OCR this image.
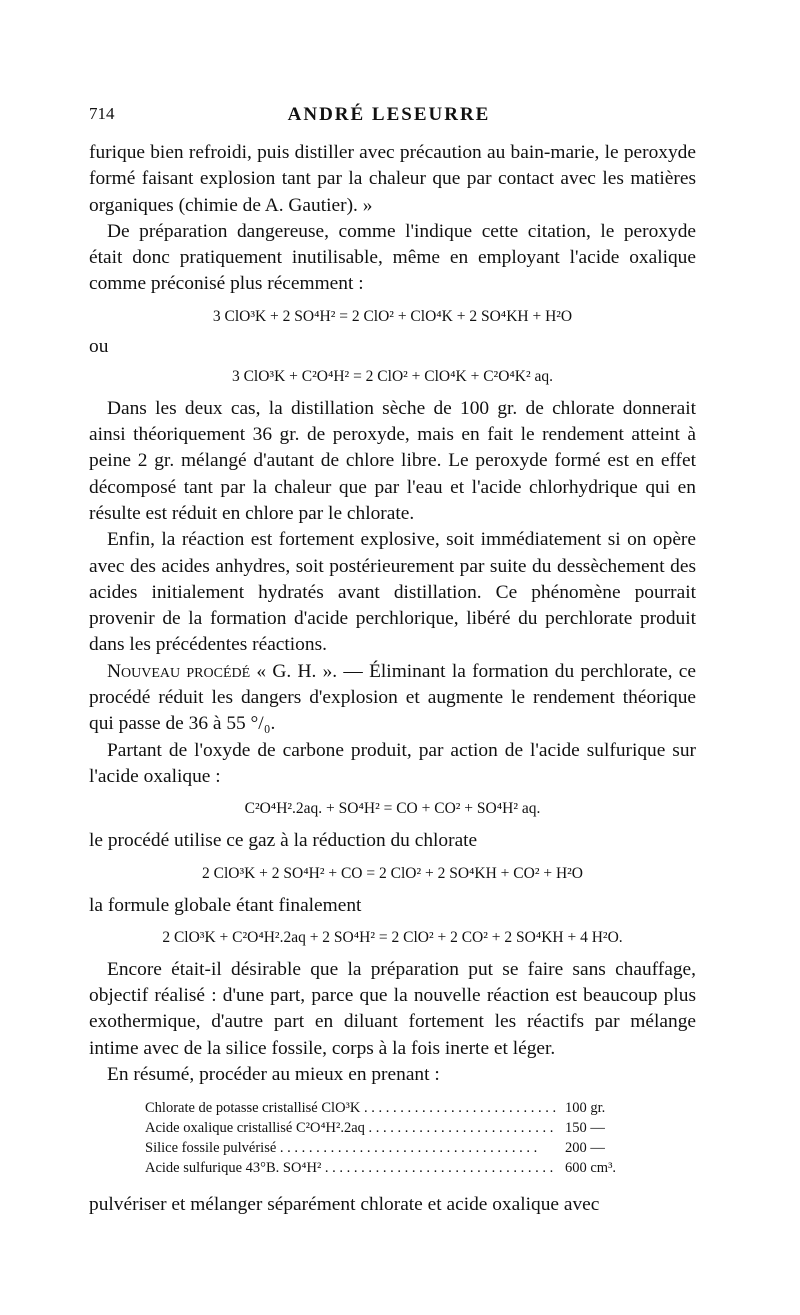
714	ANDRÉ LESEURRE

furique bien refroidi, puis distiller avec précaution au bain-marie, le peroxyde formé faisant explosion tant par la chaleur que par contact avec les matières organiques (chimie de A. Gautier). »

De préparation dangereuse, comme l'indique cette citation, le peroxyde était donc pratiquement inutilisable, même en employant l'acide oxalique comme préconisé plus récemment :

3 ClO³K + 2 SO⁴H² = 2 ClO² + ClO⁴K + 2 SO⁴KH + H²O

ou

3 ClO³K + C²O⁴H² = 2 ClO² + ClO⁴K + C²O⁴K² aq.

Dans les deux cas, la distillation sèche de 100 gr. de chlorate donnerait ainsi théoriquement 36 gr. de peroxyde, mais en fait le rendement atteint à peine 2 gr. mélangé d'autant de chlore libre. Le peroxyde formé est en effet décomposé tant par la chaleur que par l'eau et l'acide chlorhydrique qui en résulte est réduit en chlore par le chlorate.

Enfin, la réaction est fortement explosive, soit immédiatement si on opère avec des acides anhydres, soit postérieurement par suite du dessèchement des acides initialement hydratés avant distillation. Ce phénomène pourrait provenir de la formation d'acide perchlorique, libéré du perchlorate produit dans les précédentes réactions.

Nouveau procédé « G. H. ». — Éliminant la formation du perchlorate, ce procédé réduit les dangers d'explosion et augmente le rendement théorique qui passe de 36 à 55 °/₀.

Partant de l'oxyde de carbone produit, par action de l'acide sulfurique sur l'acide oxalique :

C²O⁴H².2aq. + SO⁴H² = CO + CO² + SO⁴H² aq.

le procédé utilise ce gaz à la réduction du chlorate

2 ClO³K + 2 SO⁴H² + CO = 2 ClO² + 2 SO⁴KH + CO² + H²O

la formule globale étant finalement

2 ClO³K + C²O⁴H².2aq + 2 SO⁴H² = 2 ClO² + 2 CO² + 2 SO⁴KH + 4 H²O.

Encore était-il désirable que la préparation put se faire sans chauffage, objectif réalisé : d'une part, parce que la nouvelle réaction est beaucoup plus exothermique, d'autre part en diluant fortement les réactifs par mélange intime avec de la silice fossile, corps à la fois inerte et léger.

En résumé, procéder au mieux en prenant :

Chlorate de potasse cristallisé ClO³K . . .	100 gr.
Acide oxalique cristallisé C²O⁴H².2aq . . .	150 —
Silice fossile pulvérisé . . .	200 —
Acide sulfurique 43°B. SO⁴H² . . .	600 cm³.

pulvériser et mélanger séparément chlorate et acide oxalique avec
